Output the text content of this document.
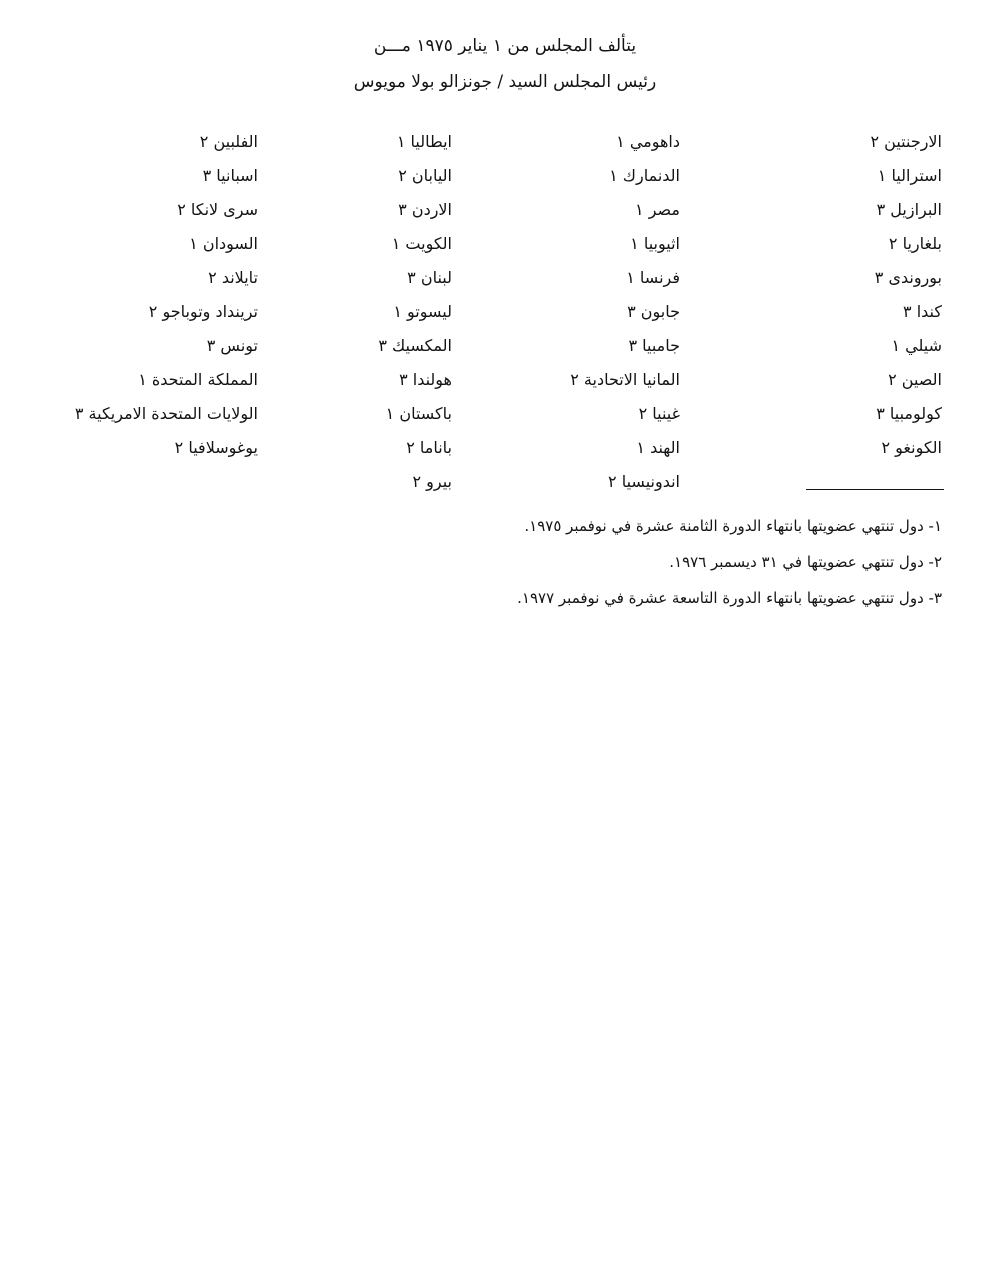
يتألف المجلس من ١ يناير ١٩٧٥ مـــن
رئيس المجلس السيد / جونزالو بولا مويوس
الارجنتين ٢
استراليا ١
البرازيل ٣
بلغاريا ٢
بوروندى ٣
كندا ٣
شيلي ١
الصين ٢
كولومبيا ٣
الكونغو ٢
داهومي ١
الدنمارك ١
مصر ١
اثيوبيا ١
فرنسا ١
جابون ٣
جامبيا ٣
المانيا الاتحادية ٢
غينيا ٢
الهند ١
اندونيسيا ٢
ايطاليا ١
اليابان ٢
الاردن ٣
الكويت ١
لبنان ٣
ليسوتو ١
المكسيك ٣
هولندا ٣
باكستان ١
باناما ٢
بيرو ٢
الفلبين ٢
اسبانيا ٣
سرى لانكا ٢
السودان ١
تايلاند ٢
ترينداد وتوباجو ٢
تونس ٣
المملكة المتحدة ١
الولايات المتحدة الامريكية ٣
يوغوسلافيا ٢
١- دول تنتهي عضويتها بانتهاء الدورة الثامنة عشرة في نوفمبر ١٩٧٥.
٢- دول تنتهي عضويتها في ٣١ ديسمبر ١٩٧٦.
٣- دول تنتهي عضويتها بانتهاء الدورة التاسعة عشرة في نوفمبر ١٩٧٧.
